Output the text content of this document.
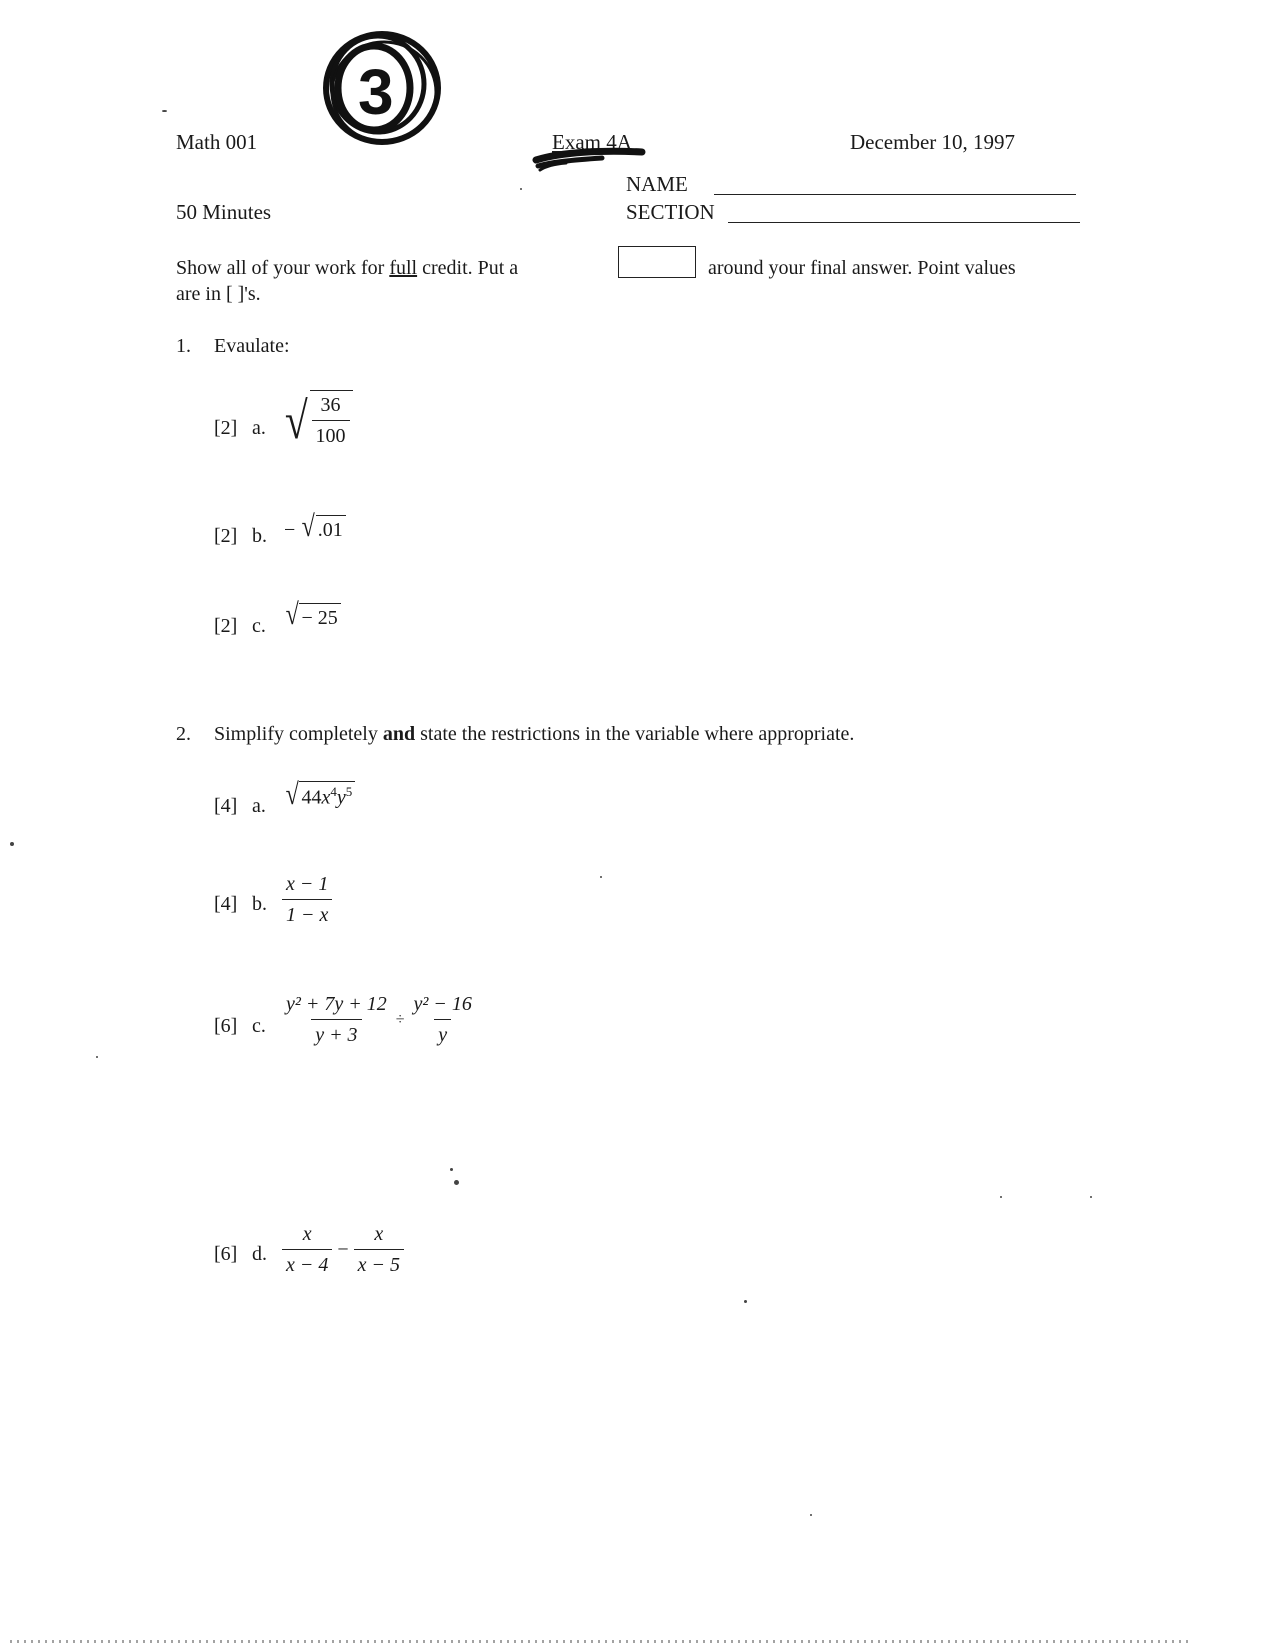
3
Math 001	Exam 4A	December 10, 1997
NAME
50 Minutes	SECTION
Show all of your work for full credit. Put a	around your final answer. Point values
are in [ ]'s.
1. Evaulate:
[2] a. √ $\frac{36}{100}$
[2] b. − √ .01
[2] c. √ − 25
2. Simplify completely and state the restrictions in the variable where appropriate.
[4] a. √ $44x^4y^5$
[4] b. $\frac{x - 1}{1 - x}$
[6] c. $\frac{\text{y² + 7y + 12}}{y + 3} \div \frac{\text{y² − 16}}{y}$
[6] d. $\frac{x}{x - 4} - \frac{x}{x - 5}$
